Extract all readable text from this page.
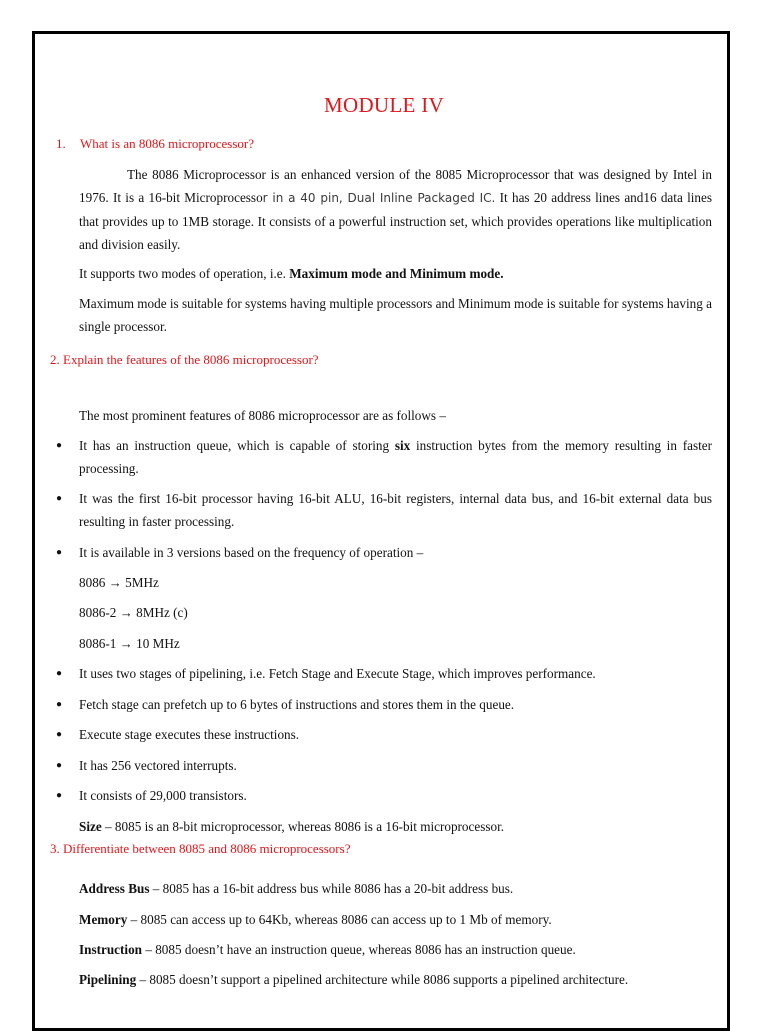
MODULE IV
1. What is an 8086 microprocessor?

The 8086 Microprocessor is an enhanced version of the 8085 Microprocessor that was designed by Intel in 1976. It is a 16-bit Microprocessor in a 40 pin, Dual Inline Packaged IC. It has 20 address lines and16 data lines that provides up to 1MB storage. It consists of a powerful instruction set, which provides operations like multiplication and division easily.

It supports two modes of operation, i.e. Maximum mode and Minimum mode.

Maximum mode is suitable for systems having multiple processors and Minimum mode is suitable for systems having a single processor.

2. Explain the features of the 8086 microprocessor?

The most prominent features of 8086 microprocessor are as follows –

● It has an instruction queue, which is capable of storing six instruction bytes from the memory resulting in faster processing.

● It was the first 16-bit processor having 16-bit ALU, 16-bit registers, internal data bus, and 16-bit external data bus resulting in faster processing.

● It is available in 3 versions based on the frequency of operation –

8086 → 5MHz

8086-2 → 8MHz (c)

8086-1 → 10 MHz

● It uses two stages of pipelining, i.e. Fetch Stage and Execute Stage, which improves performance.

● Fetch stage can prefetch up to 6 bytes of instructions and stores them in the queue.

● Execute stage executes these instructions.

● It has 256 vectored interrupts.

● It consists of 29,000 transistors.

Size – 8085 is an 8-bit microprocessor, whereas 8086 is a 16-bit microprocessor.

3. Differentiate between 8085 and 8086 microprocessors?

Address Bus – 8085 has a 16-bit address bus while 8086 has a 20-bit address bus.

Memory – 8085 can access up to 64Kb, whereas 8086 can access up to 1 Mb of memory.

Instruction – 8085 doesn’t have an instruction queue, whereas 8086 has an instruction queue.

Pipelining – 8085 doesn’t support a pipelined architecture while 8086 supports a pipelined architecture.
